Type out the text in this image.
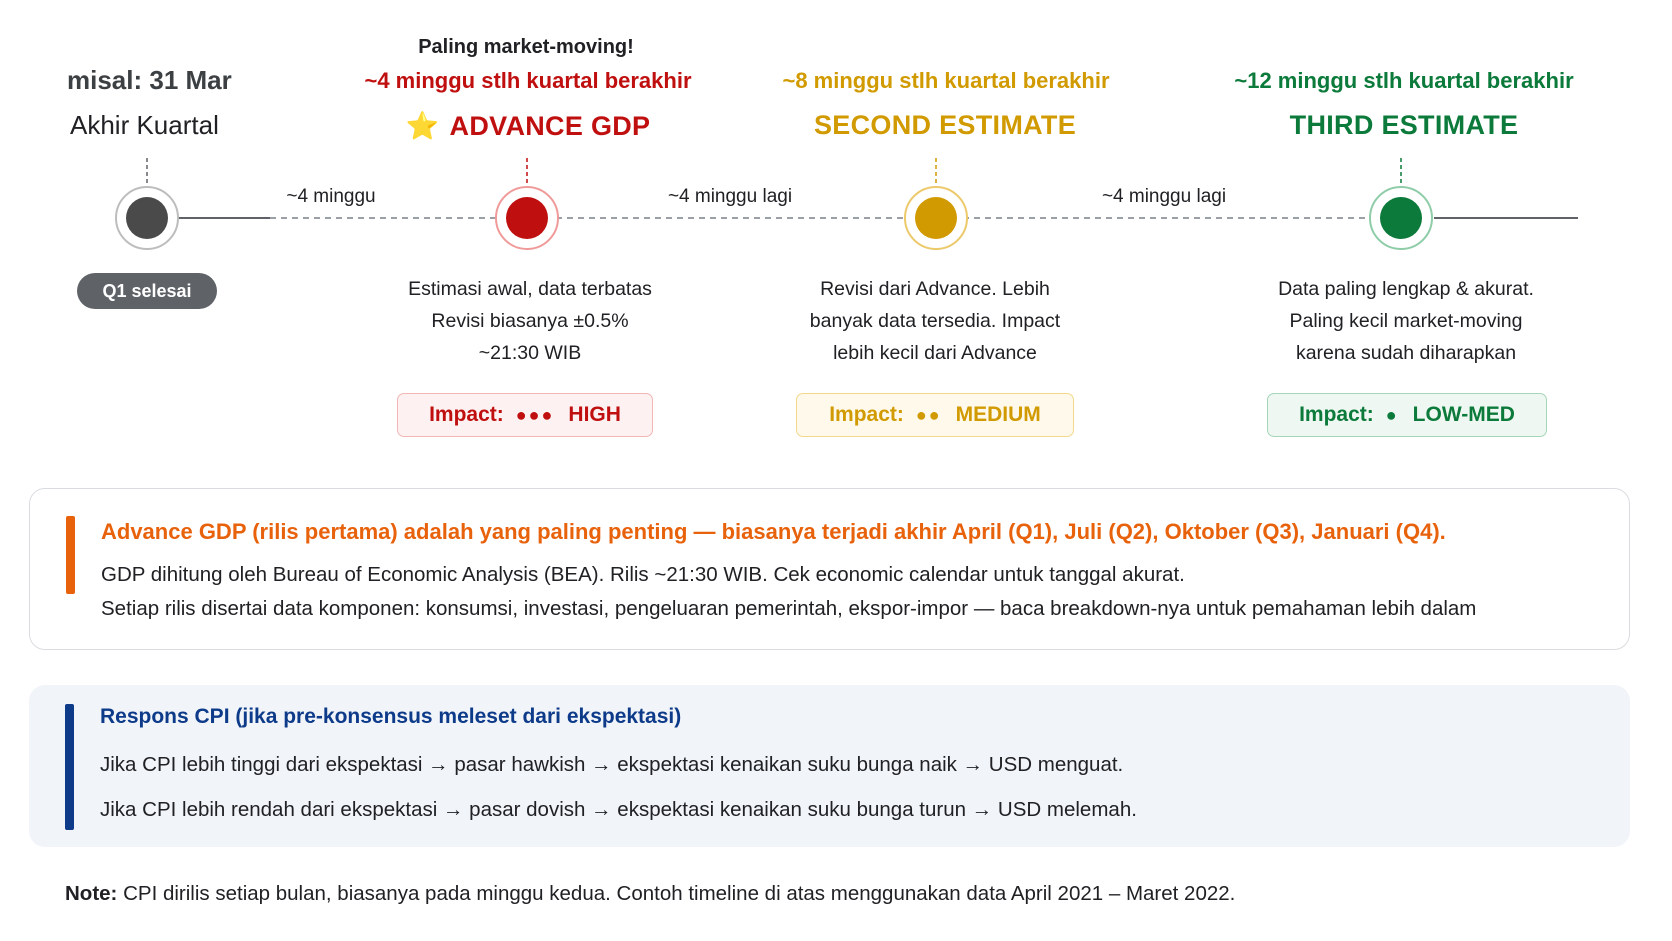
misal: 31 Mar
Akhir Kuartal
Q1 selesai
~4 minggu	~4 minggu lagi	~4 minggu lagi
Paling market-moving!
~4 minggu stlh kuartal berakhir
⭐ ADVANCE GDP
Estimasi awal, data terbatas
Revisi biasanya ±0.5%
~21:30 WIB
Impact: ●●● HIGH
~8 minggu stlh kuartal berakhir
SECOND ESTIMATE
Revisi dari Advance. Lebih
banyak data tersedia. Impact
lebih kecil dari Advance
Impact: ●● MEDIUM
~12 minggu stlh kuartal berakhir
THIRD ESTIMATE
Data paling lengkap & akurat.
Paling kecil market-moving
karena sudah diharapkan
Impact: ● LOW-MED
Advance GDP (rilis pertama) adalah yang paling penting — biasanya terjadi akhir April (Q1), Juli (Q2), Oktober (Q3), Januari (Q4).
GDP dihitung oleh Bureau of Economic Analysis (BEA). Rilis ~21:30 WIB. Cek economic calendar untuk tanggal akurat.
Setiap rilis disertai data komponen: konsumsi, investasi, pengeluaran pemerintah, ekspor-impor — baca breakdown-nya untuk pemahaman lebih dalam
Respons CPI (jika pre-konsensus meleset dari ekspektasi)
Jika CPI lebih tinggi dari ekspektasi → pasar hawkish → ekspektasi kenaikan suku bunga naik → USD menguat.
Jika CPI lebih rendah dari ekspektasi → pasar dovish → ekspektasi kenaikan suku bunga turun → USD melemah.
Note: CPI dirilis setiap bulan, biasanya pada minggu kedua. Contoh timeline di atas menggunakan data April 2021 – Maret 2022.
